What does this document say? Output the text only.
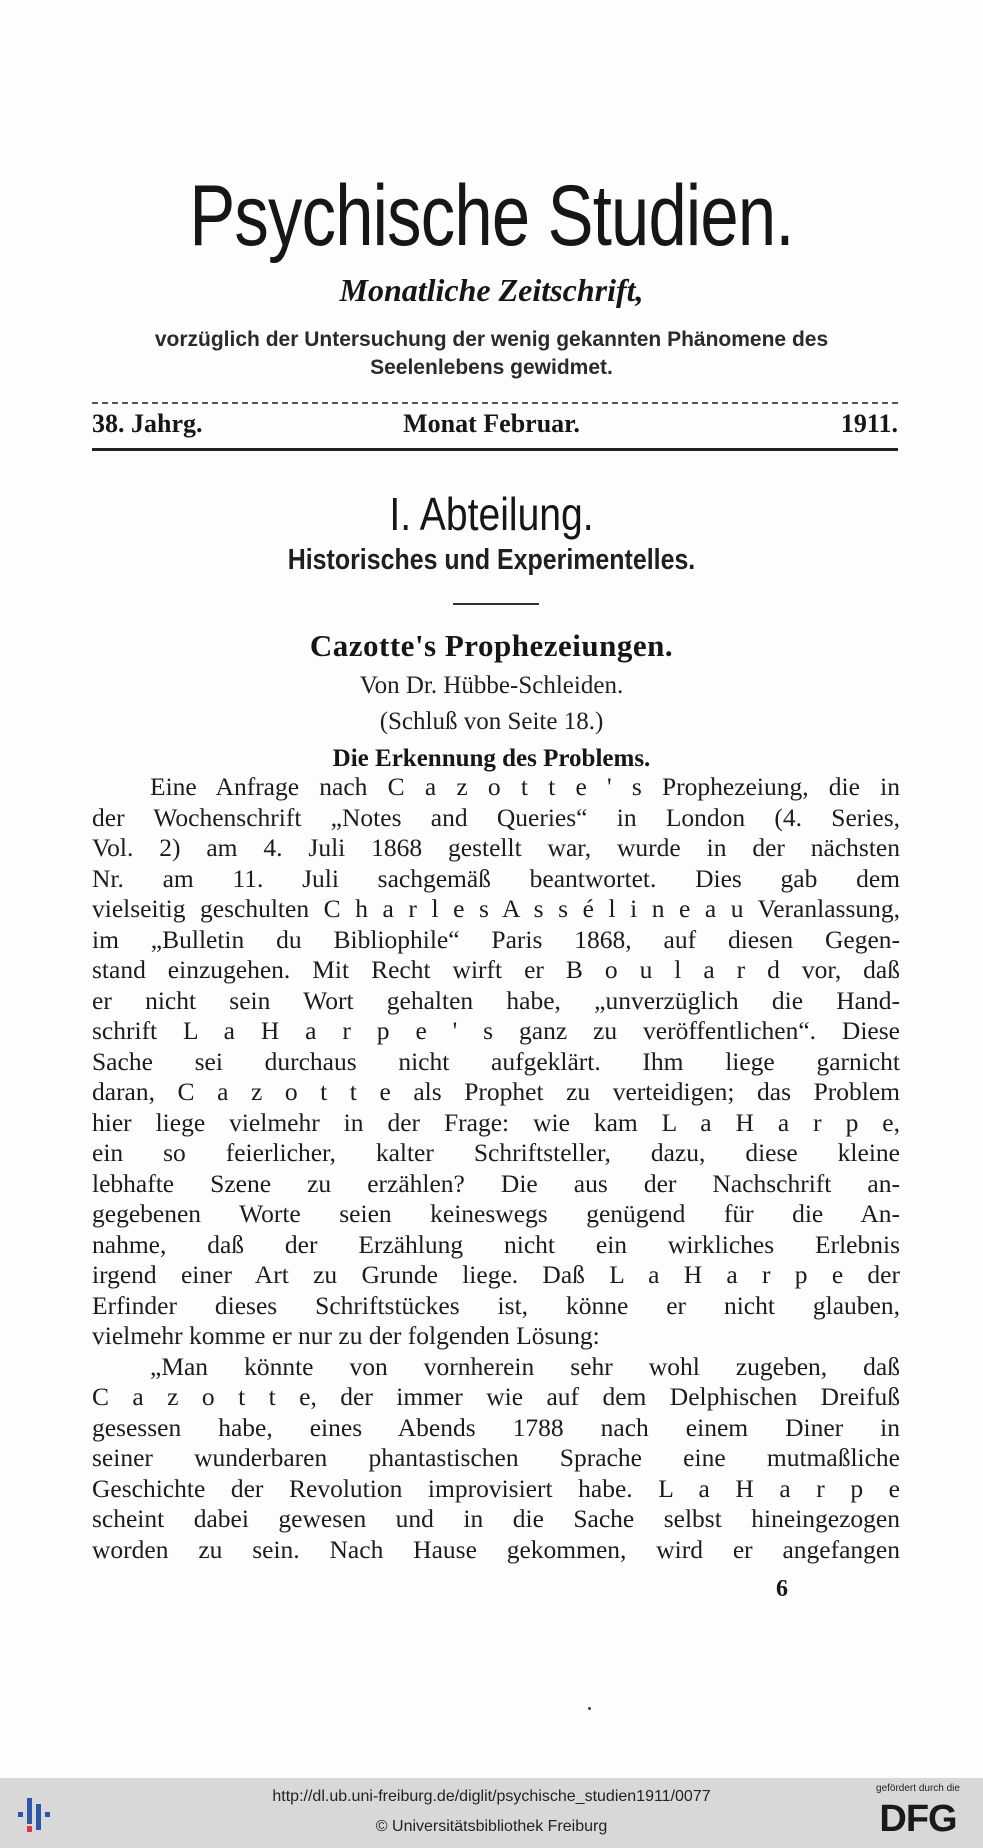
Psychische Studien.
Monatliche Zeitschrift,
vorzüglich der Untersuchung der wenig gekannten Phänomene des
Seelenlebens gewidmet.
38. Jahrg.	Monat Februar.	1911.
I. Abteilung.
Historisches und Experimentelles.
Cazotte's Prophezeiungen.
Von Dr. Hübbe-Schleiden.
(Schluß von Seite 18.)
Die Erkennung des Problems.
Eine Anfrage nach C a z o t t e ' s Prophezeiung, die in
der Wochenschrift „Notes and Queries“ in London (4. Series,
Vol. 2) am 4. Juli 1868 gestellt war, wurde in der nächsten
Nr. am 11. Juli sachgemäß beantwortet. Dies gab dem
vielseitig geschulten C h a r l e s A s s é l i n e a u Veranlassung,
im „Bulletin du Bibliophile“ Paris 1868, auf diesen Gegen-
stand einzugehen. Mit Recht wirft er B o u l a r d vor, daß
er nicht sein Wort gehalten habe, „unverzüglich die Hand-
schrift L a H a r p e ' s ganz zu veröffentlichen“. Diese
Sache sei durchaus nicht aufgeklärt. Ihm liege garnicht
daran, C a z o t t e als Prophet zu verteidigen; das Problem
hier liege vielmehr in der Frage: wie kam L a H a r p e,
ein so feierlicher, kalter Schriftsteller, dazu, diese kleine
lebhafte Szene zu erzählen? Die aus der Nachschrift an-
gegebenen Worte seien keineswegs genügend für die An-
nahme, daß der Erzählung nicht ein wirkliches Erlebnis
irgend einer Art zu Grunde liege. Daß L a H a r p e der
Erfinder dieses Schriftstückes ist, könne er nicht glauben,
vielmehr komme er nur zu der folgenden Lösung:
„Man könnte von vornherein sehr wohl zugeben, daß
C a z o t t e, der immer wie auf dem Delphischen Dreifuß
gesessen habe, eines Abends 1788 nach einem Diner in
seiner wunderbaren phantastischen Sprache eine mutmaßliche
Geschichte der Revolution improvisiert habe. L a H a r p e
scheint dabei gewesen und in die Sache selbst hineingezogen
worden zu sein. Nach Hause gekommen, wird er angefangen
6
http://dl.ub.uni-freiburg.de/diglit/psychische_studien1911/0077
© Universitätsbibliothek Freiburg
gefördert durch die
DFG
